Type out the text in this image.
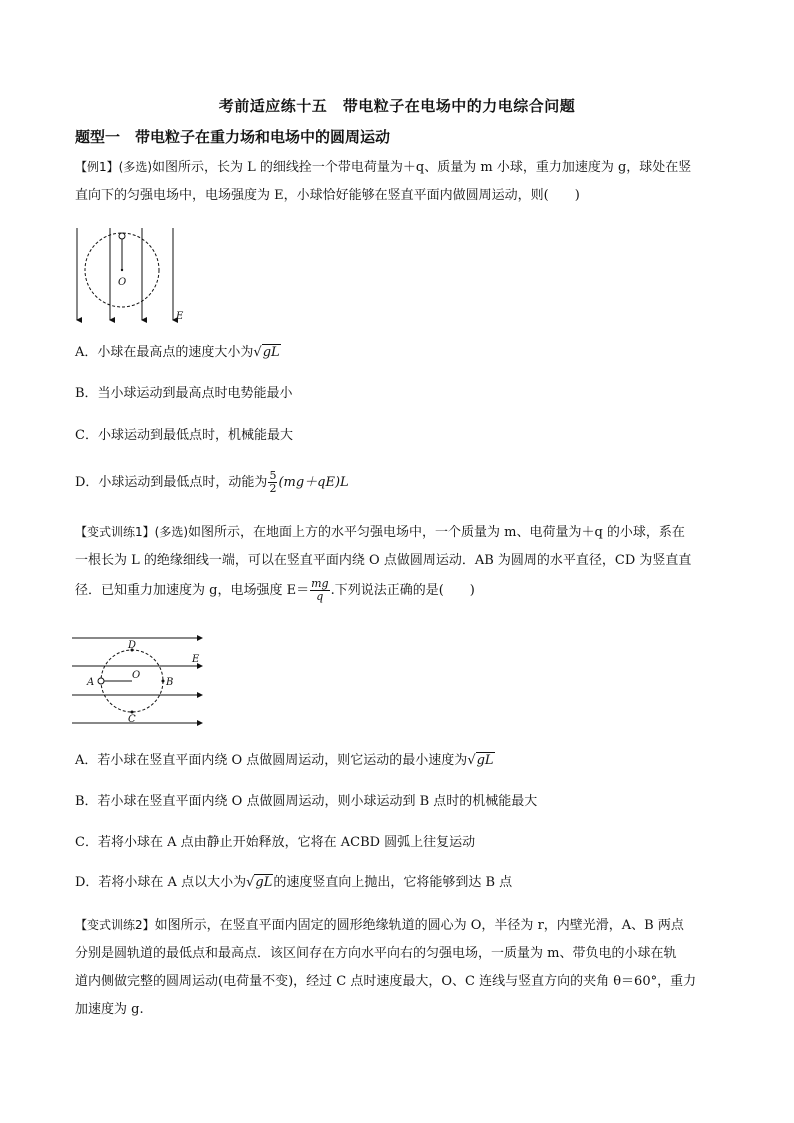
考前适应练十五　带电粒子在电场中的力电综合问题
题型一　带电粒子在重力场和电场中的圆周运动
【例1】(多选)如图所示，长为 L 的细线拴一个带电荷量为＋q、质量为 m 小球，重力加速度为 g，球处在竖
直向下的匀强电场中，电场强度为 E，小球恰好能够在竖直平面内做圆周运动，则(　　)
O
E
A．小球在最高点的速度大小为√gL
B．当小球运动到最高点时电势能最小
C．小球运动到最低点时，机械能最大
D．小球运动到最低点时，动能为 $\frac{5}{2} (mg+qE)L$
【变式训练1】(多选)如图所示，在地面上方的水平匀强电场中，一个质量为 m、电荷量为＋q 的小球，系在
一根长为 L 的绝缘细线一端，可以在竖直平面内绕 O 点做圆周运动．AB 为圆周的水平直径，CD 为竖直直
径．已知重力加速度为 g，电场强度 $E= \frac{mg}{q}$ .下列说法正确的是(　　)
D
E
A
O
B
C
A．若小球在竖直平面内绕 O 点做圆周运动，则它运动的最小速度为√gL
B．若小球在竖直平面内绕 O 点做圆周运动，则小球运动到 B 点时的机械能最大
C．若将小球在 A 点由静止开始释放，它将在 ACBD 圆弧上往复运动
D．若将小球在 A 点以大小为√gL的速度竖直向上抛出，它将能够到达 B 点
【变式训练2】如图所示，在竖直平面内固定的圆形绝缘轨道的圆心为 O，半径为 r，内壁光滑，A、B 两点
分别是圆轨道的最低点和最高点．该区间存在方向水平向右的匀强电场，一质量为 m、带负电的小球在轨
道内侧做完整的圆周运动(电荷量不变)，经过 C 点时速度最大，O、C 连线与竖直方向的夹角 θ＝60°，重力
加速度为 g.
